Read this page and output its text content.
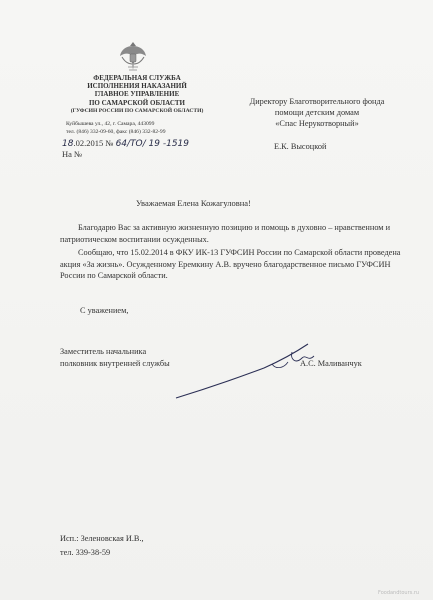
ФЕДЕРАЛЬНАЯ СЛУЖБА
ИСПОЛНЕНИЯ НАКАЗАНИЙ
ГЛАВНОЕ УПРАВЛЕНИЕ
ПО САМАРСКОЙ ОБЛАСТИ
(ГУФСИН РОССИИ ПО САМАРСКОЙ ОБЛАСТИ)
Куйбышева ул., 42, г. Самара, 443099
тел. (846) 332-09-60, факс (846) 332-82-99
18.02.2015 № 64/ТО/ 19 -1519
На №
Директору Благотворительного фонда
помощи детским домам
«Спас Нерукотворный»
Е.К. Высоцкой
Уважаемая Елена Кожагуловна!

Благодарю Вас за активную жизненную позицию и помощь в духовно – нравственном и патриотическом воспитании осужденных.

Сообщаю, что 15.02.2014 в ФКУ ИК-13 ГУФСИН России по Самарской области проведена акция «За жизнь». Осужденному Еремкину А.В. вручено благодарственное письмо ГУФСИН России по Самарской области.

С уважением,
Заместитель начальника
полковник внутренней службы	А.С. Маливанчук
Исп.: Зеленовская И.В.,
тел. 339-38-59
Foodandtours.ru
